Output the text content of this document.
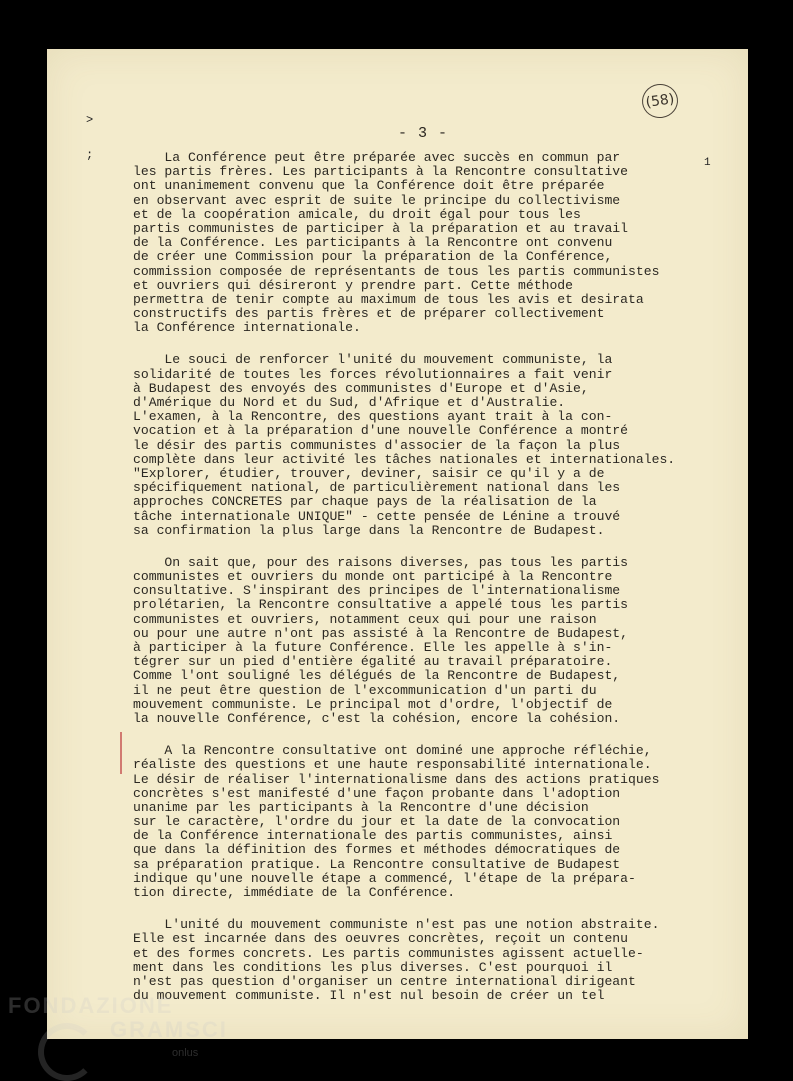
- 3 -
(58)
>
;
1
La Conférence peut être préparée avec succès en commun par
les partis frères. Les participants à la Rencontre consultative
ont unanimement convenu que la Conférence doit être préparée
en observant avec esprit de suite le principe du collectivisme
et de la coopération amicale, du droit égal pour tous les
partis communistes de participer à la préparation et au travail
de la Conférence. Les participants à la Rencontre ont convenu
de créer une Commission pour la préparation de la Conférence,
commission composée de représentants de tous les partis communistes
et ouvriers qui désireront y prendre part. Cette méthode
permettra de tenir compte au maximum de tous les avis et desirata
constructifs des partis frères et de préparer collectivement
la Conférence internationale.
Le souci de renforcer l'unité du mouvement communiste, la
solidarité de toutes les forces révolutionnaires a fait venir
à Budapest des envoyés des communistes d'Europe et d'Asie,
d'Amérique du Nord et du Sud, d'Afrique et d'Australie.
L'examen, à la Rencontre, des questions ayant trait à la con-
vocation et à la préparation d'une nouvelle Conférence a montré
le désir des partis communistes d'associer de la façon la plus
complète dans leur activité les tâches nationales et internationales.
"Explorer, étudier, trouver, deviner, saisir ce qu'il y a de
spécifiquement national, de particulièrement national dans les
approches CONCRETES par chaque pays de la réalisation de la
tâche internationale UNIQUE" - cette pensée de Lénine a trouvé
sa confirmation la plus large dans la Rencontre de Budapest.
On sait que, pour des raisons diverses, pas tous les partis
communistes et ouvriers du monde ont participé à la Rencontre
consultative. S'inspirant des principes de l'internationalisme
prolétarien, la Rencontre consultative a appelé tous les partis
communistes et ouvriers, notamment ceux qui pour une raison
ou pour une autre n'ont pas assisté à la Rencontre de Budapest,
à participer à la future Conférence. Elle les appelle à s'in-
tégrer sur un pied d'entière égalité au travail préparatoire.
Comme l'ont souligné les délégués de la Rencontre de Budapest,
il ne peut être question de l'excommunication d'un parti du
mouvement communiste. Le principal mot d'ordre, l'objectif de
la nouvelle Conférence, c'est la cohésion, encore la cohésion.
A la Rencontre consultative ont dominé une approche réfléchie,
réaliste des questions et une haute responsabilité internationale.
Le désir de réaliser l'internationalisme dans des actions pratiques
concrètes s'est manifesté d'une façon probante dans l'adoption
unanime par les participants à la Rencontre d'une décision
sur le caractère, l'ordre du jour et la date de la convocation
de la Conférence internationale des partis communistes, ainsi
que dans la définition des formes et méthodes démocratiques de
sa préparation pratique. La Rencontre consultative de Budapest
indique qu'une nouvelle étape a commencé, l'étape de la prépara-
tion directe, immédiate de la Conférence.
L'unité du mouvement communiste n'est pas une notion abstraite.
Elle est incarnée dans des oeuvres concrètes, reçoit un contenu
et des formes concrets. Les partis communistes agissent actuelle-
ment dans les conditions les plus diverses. C'est pourquoi il
n'est pas question d'organiser un centre international dirigeant
du mouvement communiste. Il n'est nul besoin de créer un tel
FONDAZIONE
GRAMSCI
onlus
